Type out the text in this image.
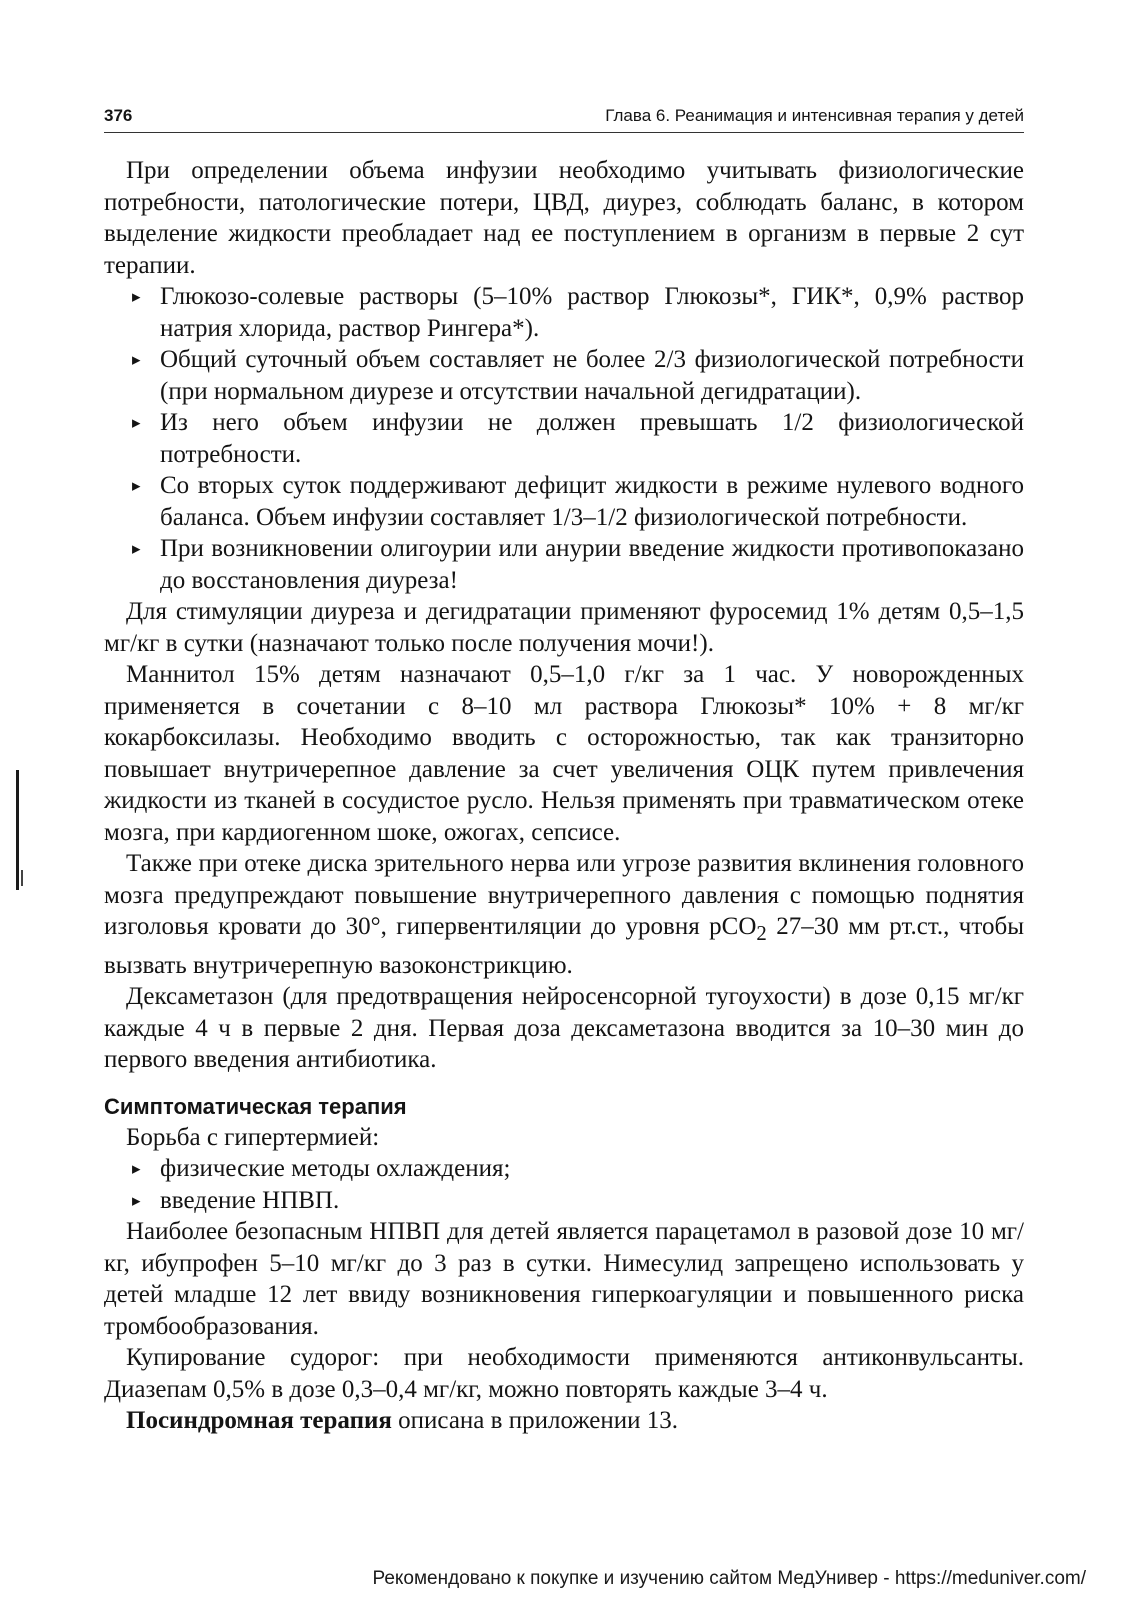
376	Глава 6. Реанимация и интенсивная терапия у детей

При определении объема инфузии необходимо учитывать физиологические потребности, патологические потери, ЦВД, диурез, соблюдать баланс, в котором выделение жидкости преобладает над ее поступлением в организм в первые 2 сут терапии.

▸ Глюкозо-солевые растворы (5–10% раствор Глюкозы*, ГИК*, 0,9% раствор натрия хлорида, раствор Рингера*).
▸ Общий суточный объем составляет не более 2/3 физиологической потребности (при нормальном диурезе и отсутствии начальной дегидратации).
▸ Из него объем инфузии не должен превышать 1/2 физиологической потребности.
▸ Со вторых суток поддерживают дефицит жидкости в режиме нулевого водного баланса. Объем инфузии составляет 1/3–1/2 физиологической потребности.
▸ При возникновении олигоурии или анурии введение жидкости противопоказано до восстановления диуреза!

Для стимуляции диуреза и дегидратации применяют фуросемид 1% детям 0,5–1,5 мг/кг в сутки (назначают только после получения мочи!).

Маннитол 15% детям назначают 0,5–1,0 г/кг за 1 час. У новорожденных применяется в сочетании с 8–10 мл раствора Глюкозы* 10% + 8 мг/кг кокарбоксилазы. Необходимо вводить с осторожностью, так как транзиторно повышает внутричерепное давление за счет увеличения ОЦК путем привлечения жидкости из тканей в сосудистое русло. Нельзя применять при травматическом отеке мозга, при кардиогенном шоке, ожогах, сепсисе.

Также при отеке диска зрительного нерва или угрозе развития вклинения головного мозга предупреждают повышение внутричерепного давления с помощью поднятия изголовья кровати до 30°, гипервентиляции до уровня pCO$_2$ 27–30 мм рт.ст., чтобы вызвать внутричерепную вазоконстрикцию.

Дексаметазон (для предотвращения нейросенсорной тугоухости) в дозе 0,15 мг/кг каждые 4 ч в первые 2 дня. Первая доза дексаметазона вводится за 10–30 мин до первого введения антибиотика.

Симптоматическая терапия

Борьба с гипертермией:

▸ физические методы охлаждения;
▸ введение НПВП.

Наиболее безопасным НПВП для детей является парацетамол в разовой дозе 10 мг/кг, ибупрофен 5–10 мг/кг до 3 раз в сутки. Нимесулид запрещено использовать у детей младше 12 лет ввиду возникновения гиперкоагуляции и повышенного риска тромбообразования.

Купирование судорог: при необходимости применяются антиконвульсанты. Диазепам 0,5% в дозе 0,3–0,4 мг/кг, можно повторять каждые 3–4 ч.

Посиндромная терапия описана в приложении 13.

Рекомендовано к покупке и изучению сайтом МедУнивер - https://meduniver.com/
